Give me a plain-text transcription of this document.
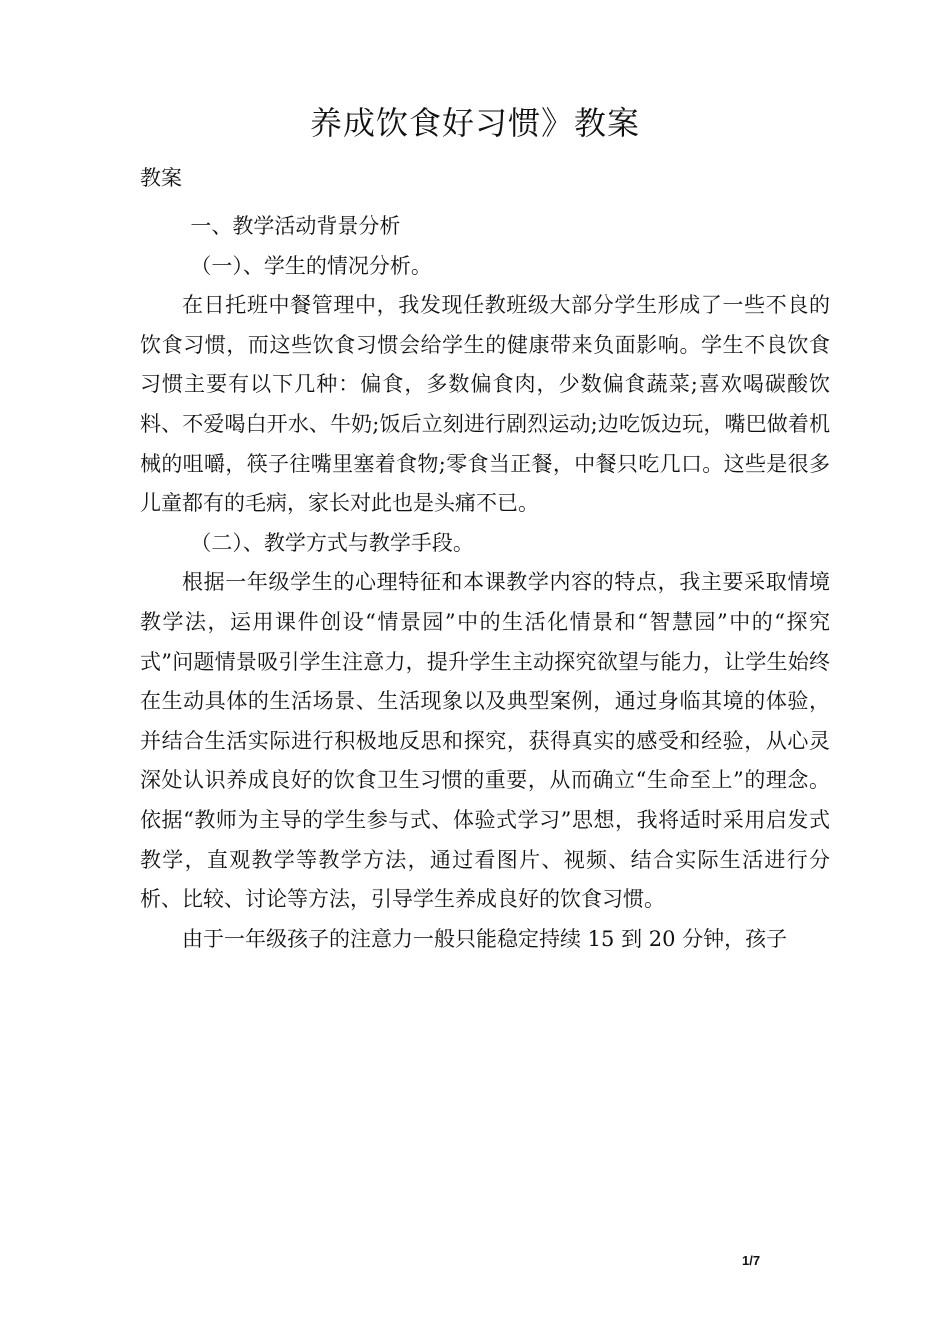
养成饮食好习惯》教案
教案

一、教学活动背景分析

（一）、学生的情况分析。

在日托班中餐管理中，我发现任教班级大部分学生形成了一些不良的饮食习惯，而这些饮食习惯会给学生的健康带来负面影响。学生不良饮食习惯主要有以下几种：偏食，多数偏食肉，少数偏食蔬菜;喜欢喝碳酸饮料、不爱喝白开水、牛奶;饭后立刻进行剧烈运动;边吃饭边玩，嘴巴做着机械的咀嚼，筷子往嘴里塞着食物;零食当正餐，中餐只吃几口。这些是很多儿童都有的毛病，家长对此也是头痛不已。

（二）、教学方式与教学手段。

根据一年级学生的心理特征和本课教学内容的特点，我主要采取情境教学法，运用课件创设“情景园”中的生活化情景和“智慧园”中的“探究式”问题情景吸引学生注意力，提升学生主动探究欲望与能力，让学生始终在生动具体的生活场景、生活现象以及典型案例，通过身临其境的体验，并结合生活实际进行积极地反思和探究，获得真实的感受和经验，从心灵深处认识养成良好的饮食卫生习惯的重要，从而确立“生命至上”的理念。依据“教师为主导的学生参与式、体验式学习”思想，我将适时采用启发式教学，直观教学等教学方法，通过看图片、视频、结合实际生活进行分析、比较、讨论等方法，引导学生养成良好的饮食习惯。

由于一年级孩子的注意力一般只能稳定持续 15 到 20 分钟，孩子

1/7
